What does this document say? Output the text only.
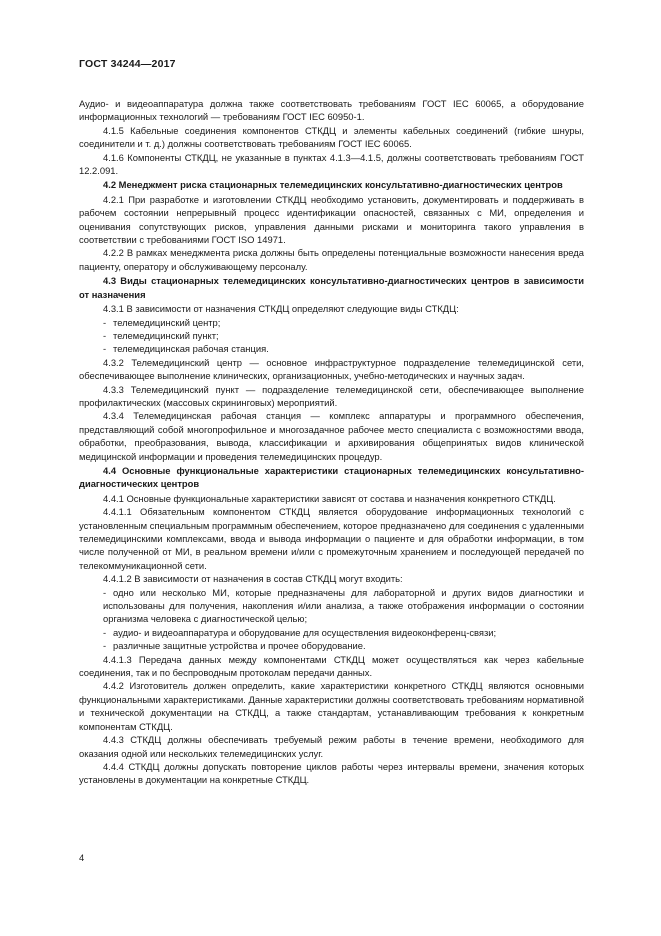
ГОСТ 34244—2017

Аудио- и видеоаппаратура должна также соответствовать требованиям ГОСТ IEC 60065, а оборудование информационных технологий — требованиям ГОСТ IEC 60950-1.

4.1.5 Кабельные соединения компонентов СТКДЦ и элементы кабельных соединений (гибкие шнуры, соединители и т. д.) должны соответствовать требованиям ГОСТ IEC 60065.

4.1.6 Компоненты СТКДЦ, не указанные в пунктах 4.1.3—4.1.5, должны соответствовать требованиям ГОСТ 12.2.091.

4.2 Менеджмент риска стационарных телемедицинских консультативно-диагностических центров

4.2.1 При разработке и изготовлении СТКДЦ необходимо установить, документировать и поддерживать в рабочем состоянии непрерывный процесс идентификации опасностей, связанных с МИ, определения и оценивания сопутствующих рисков, управления данными рисками и мониторинга такого управления в соответствии с требованиями ГОСТ ISO 14971.

4.2.2 В рамках менеджмента риска должны быть определены потенциальные возможности нанесения вреда пациенту, оператору и обслуживающему персоналу.

4.3 Виды стационарных телемедицинских консультативно-диагностических центров в зависимости от назначения

4.3.1 В зависимости от назначения СТКДЦ определяют следующие виды СТКДЦ:

- телемедицинский центр;

- телемедицинский пункт;

- телемедицинская рабочая станция.

4.3.2 Телемедицинский центр — основное инфраструктурное подразделение телемедицинской сети, обеспечивающее выполнение клинических, организационных, учебно-методических и научных задач.

4.3.3 Телемедицинский пункт — подразделение телемедицинской сети, обеспечивающее выполнение профилактических (массовых скрининговых) мероприятий.

4.3.4 Телемедицинская рабочая станция — комплекс аппаратуры и программного обеспечения, представляющий собой многопрофильное и многозадачное рабочее место специалиста с возможностями ввода, обработки, преобразования, вывода, классификации и архивирования общепринятых видов клинической медицинской информации и проведения телемедицинских процедур.

4.4 Основные функциональные характеристики стационарных телемедицинских консультативно-диагностических центров

4.4.1 Основные функциональные характеристики зависят от состава и назначения конкретного СТКДЦ.

4.4.1.1 Обязательным компонентом СТКДЦ является оборудование информационных технологий с установленным специальным программным обеспечением, которое предназначено для соединения с удаленными телемедицинскими комплексами, ввода и вывода информации о пациенте и для обработки информации, в том числе полученной от МИ, в реальном времени и/или с промежуточным хранением и последующей передачей по телекоммуникационной сети.

4.4.1.2 В зависимости от назначения в состав СТКДЦ могут входить:

- одно или несколько МИ, которые предназначены для лабораторной и других видов диагностики и использованы для получения, накопления и/или анализа, а также отображения информации о состоянии организма человека с диагностической целью;

- аудио- и видеоаппаратура и оборудование для осуществления видеоконференц-связи;

- различные защитные устройства и прочее оборудование.

4.4.1.3 Передача данных между компонентами СТКДЦ может осуществляться как через кабельные соединения, так и по беспроводным протоколам передачи данных.

4.4.2 Изготовитель должен определить, какие характеристики конкретного СТКДЦ являются основными функциональными характеристиками. Данные характеристики должны соответствовать требованиям нормативной и технической документации на СТКДЦ, а также стандартам, устанавливающим требования к конкретным компонентам СТКДЦ.

4.4.3 СТКДЦ должны обеспечивать требуемый режим работы в течение времени, необходимого для оказания одной или нескольких телемедицинских услуг.

4.4.4 СТКДЦ должны допускать повторение циклов работы через интервалы времени, значения которых установлены в документации на конкретные СТКДЦ.

4
